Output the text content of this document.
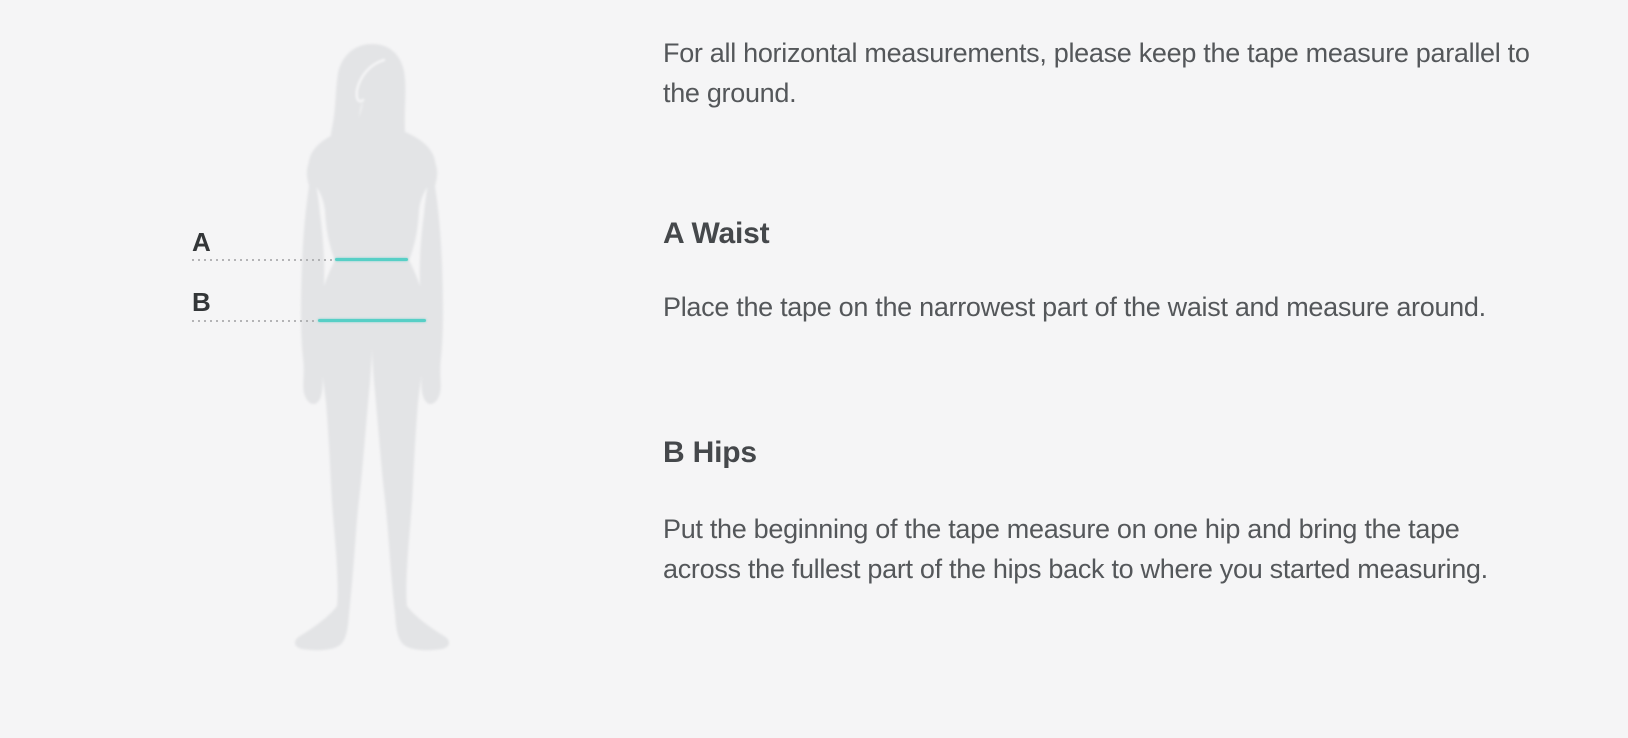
A
B

For all horizontal measurements, please keep the tape measure parallel to
the ground.

A Waist

Place the tape on the narrowest part of the waist and measure around.

B Hips

Put the beginning of the tape measure on one hip and bring the tape
across the fullest part of the hips back to where you started measuring.
